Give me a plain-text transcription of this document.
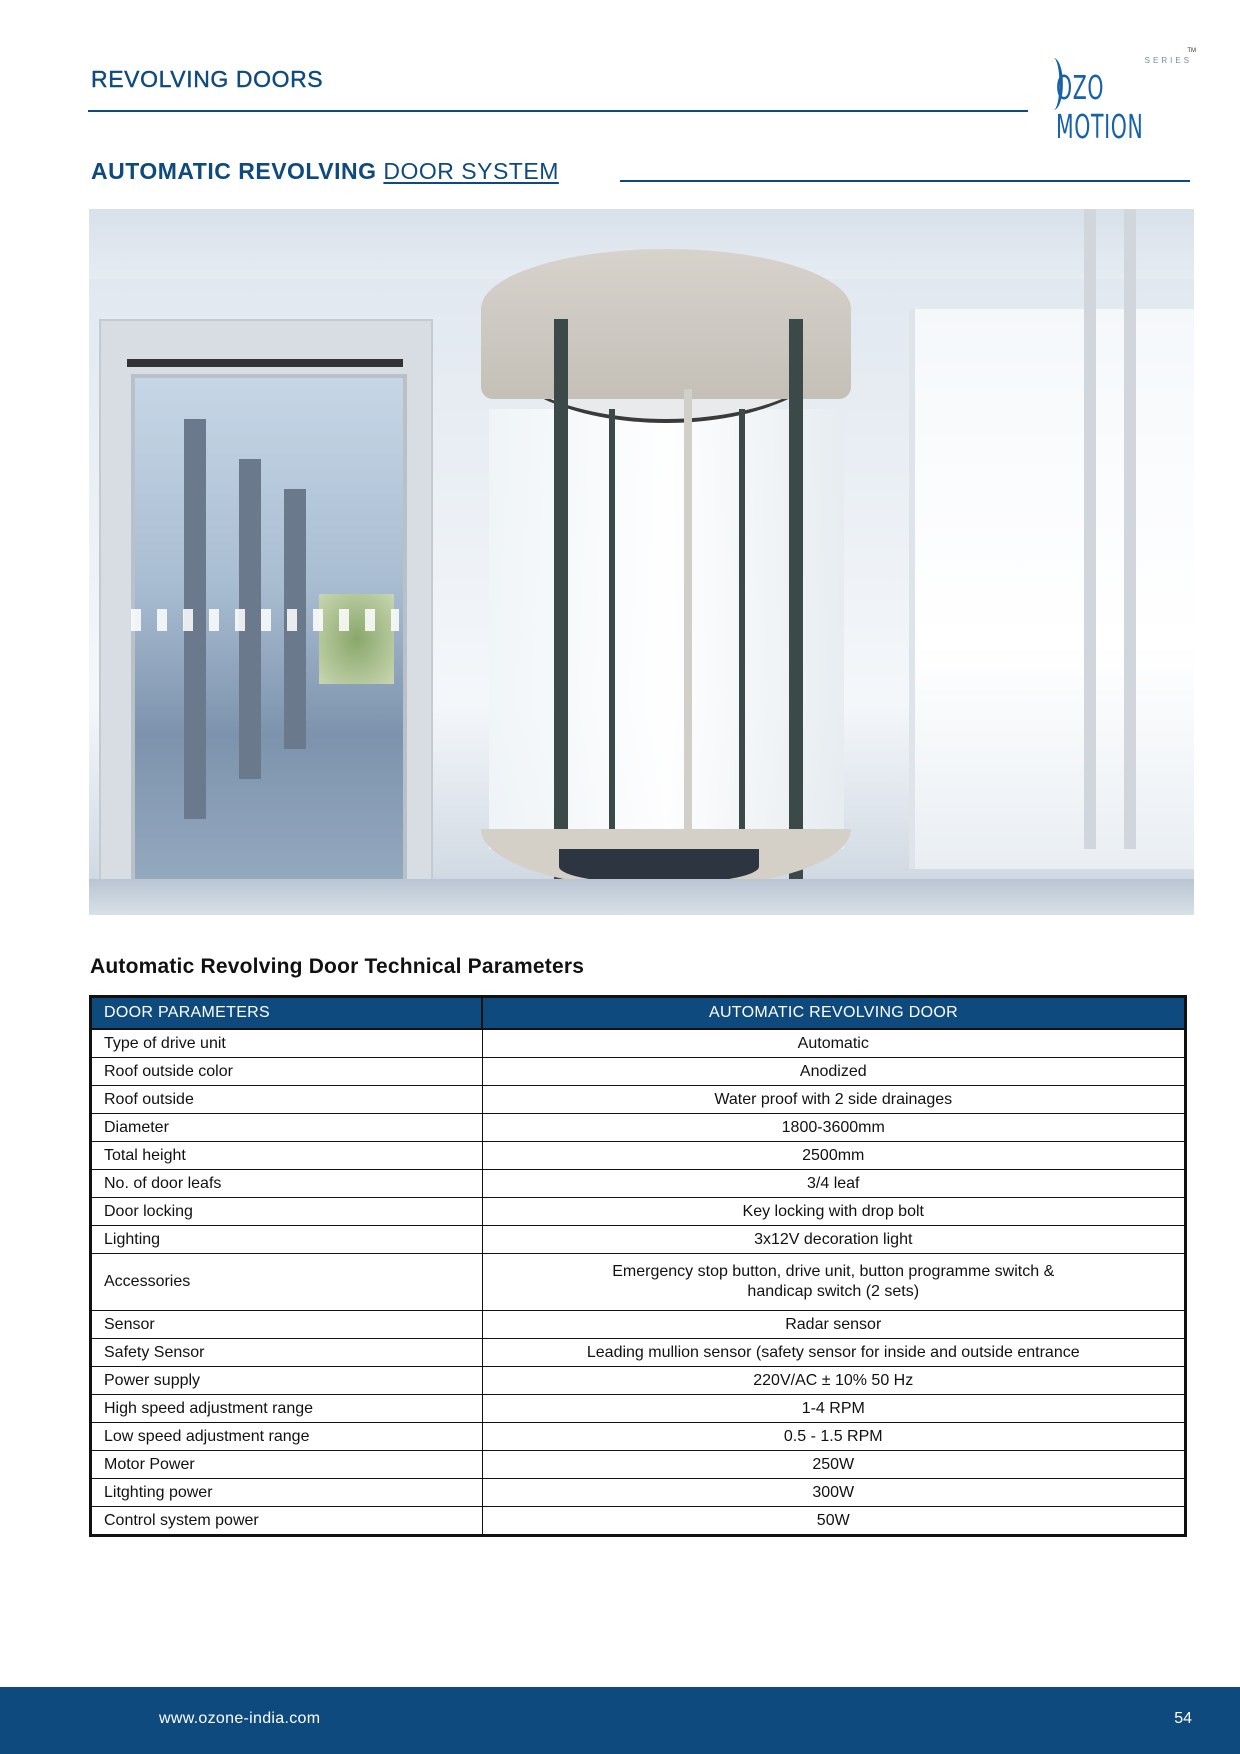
REVOLVING DOORS	OZO MOTION
SERIES
TM
AUTOMATIC REVOLVING DOOR SYSTEM
Automatic Revolving Door Technical Parameters
DOOR PARAMETERS	AUTOMATIC REVOLVING DOOR
Type of drive unit	Automatic
Roof outside color	Anodized
Roof outside	Water proof with 2 side drainages
Diameter	1800-3600mm
Total height	2500mm
No. of door leafs	3/4 leaf
Door locking	Key locking with drop bolt
Lighting	3x12V decoration light
Accessories	Emergency stop button, drive unit, button programme switch &
handicap switch (2 sets)
Sensor	Radar sensor
Safety Sensor	Leading mullion sensor (safety sensor for inside and outside entrance
Power supply	220V/AC ± 10% 50 Hz
High speed adjustment range	1-4 RPM
Low speed adjustment range	0.5 - 1.5 RPM
Motor Power	250W
Litghting power	300W
Control system power	50W
www.ozone-india.com	54
